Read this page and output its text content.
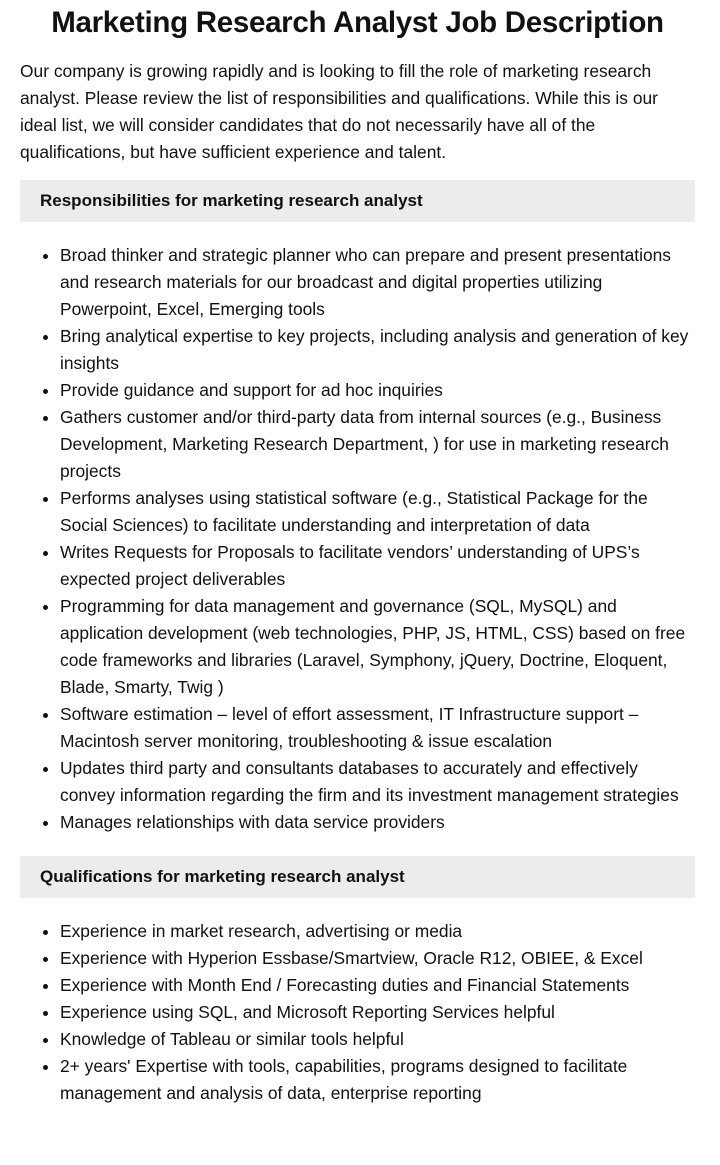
Marketing Research Analyst Job Description

Our company is growing rapidly and is looking to fill the role of marketing research analyst. Please review the list of responsibilities and qualifications. While this is our ideal list, we will consider candidates that do not necessarily have all of the qualifications, but have sufficient experience and talent.

Responsibilities for marketing research analyst
• Broad thinker and strategic planner who can prepare and present presentations and research materials for our broadcast and digital properties utilizing Powerpoint, Excel, Emerging tools
• Bring analytical expertise to key projects, including analysis and generation of key insights
• Provide guidance and support for ad hoc inquiries
• Gathers customer and/or third-party data from internal sources (e.g., Business Development, Marketing Research Department, ) for use in marketing research projects
• Performs analyses using statistical software (e.g., Statistical Package for the Social Sciences) to facilitate understanding and interpretation of data
• Writes Requests for Proposals to facilitate vendors’ understanding of UPS’s expected project deliverables
• Programming for data management and governance (SQL, MySQL) and application development (web technologies, PHP, JS, HTML, CSS) based on free code frameworks and libraries (Laravel, Symphony, jQuery, Doctrine, Eloquent, Blade, Smarty, Twig )
• Software estimation – level of effort assessment, IT Infrastructure support – Macintosh server monitoring, troubleshooting & issue escalation
• Updates third party and consultants databases to accurately and effectively convey information regarding the firm and its investment management strategies
• Manages relationships with data service providers
Qualifications for marketing research analyst
• Experience in market research, advertising or media
• Experience with Hyperion Essbase/Smartview, Oracle R12, OBIEE, & Excel
• Experience with Month End / Forecasting duties and Financial Statements
• Experience using SQL, and Microsoft Reporting Services helpful
• Knowledge of Tableau or similar tools helpful
• 2+ years' Expertise with tools, capabilities, programs designed to facilitate management and analysis of data, enterprise reporting
